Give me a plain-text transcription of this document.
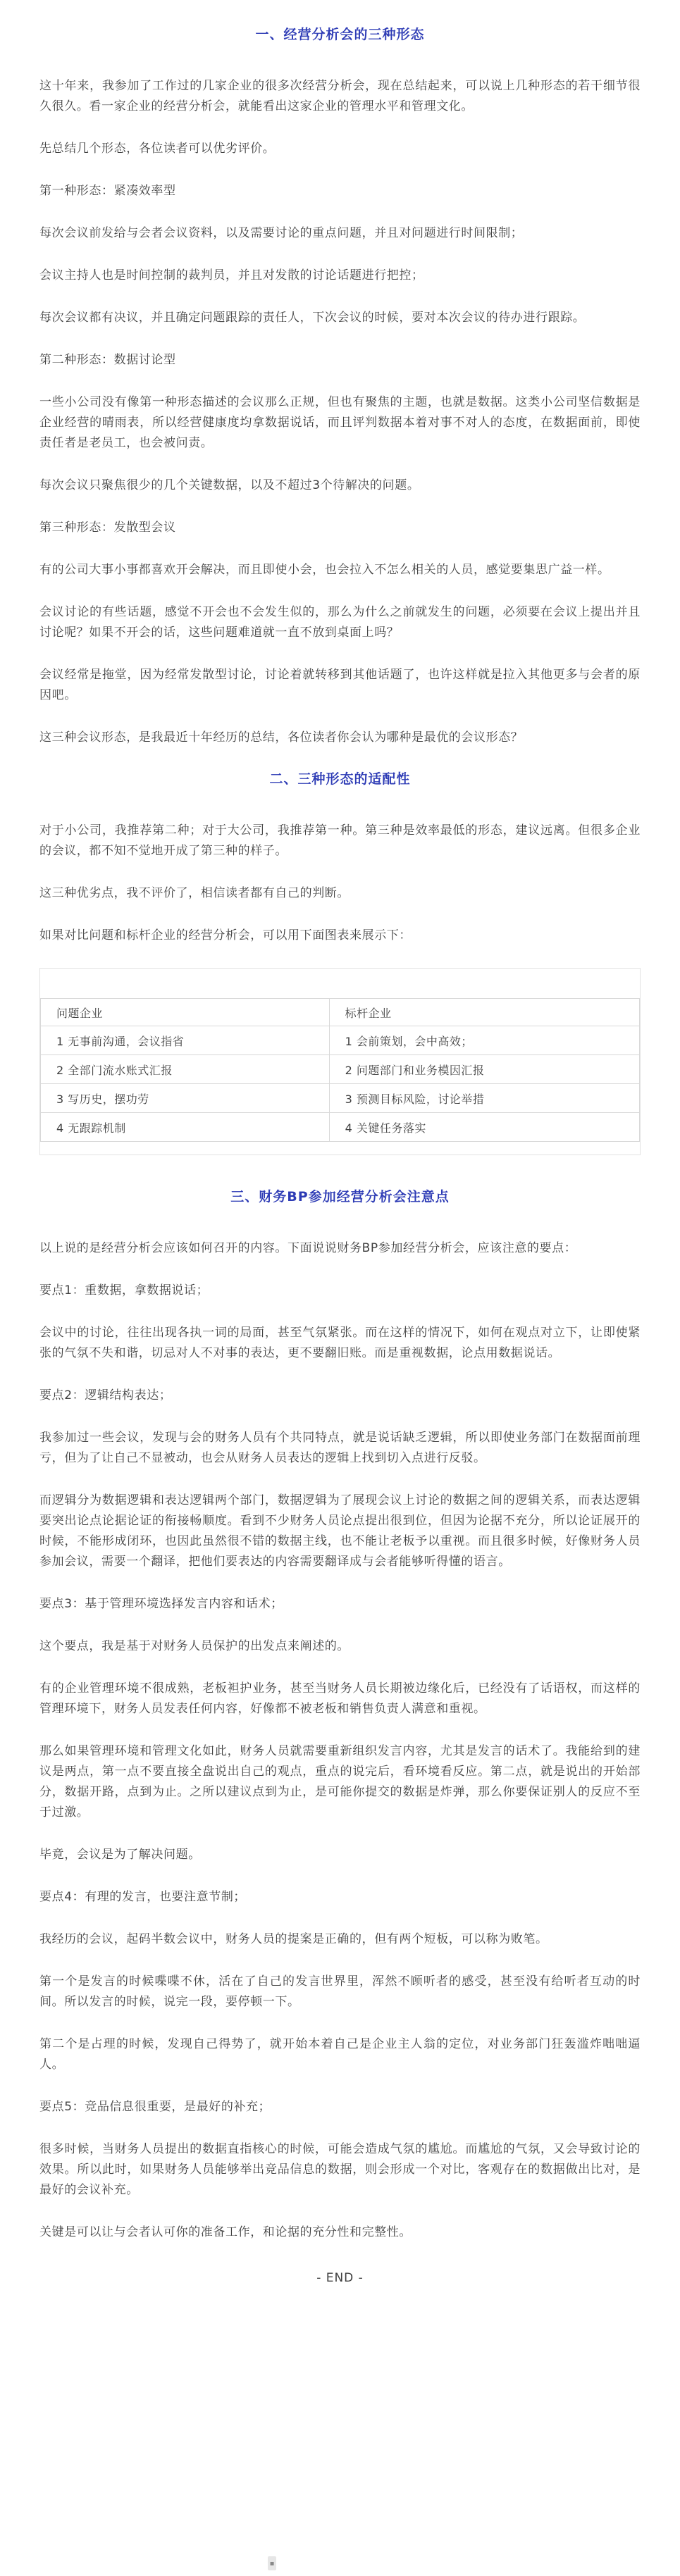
一、经营分析会的三种形态

这十年来，我参加了工作过的几家企业的很多次经营分析会，现在总结起来，可以说上几种形态的若干细节很久很久。看一家企业的经营分析会，就能看出这家企业的管理水平和管理文化。

先总结几个形态，各位读者可以优劣评价。

第一种形态：紧凑效率型

每次会议前发给与会者会议资料，以及需要讨论的重点问题，并且对问题进行时间限制；

会议主持人也是时间控制的裁判员，并且对发散的讨论话题进行把控；

每次会议都有决议，并且确定问题跟踪的责任人，下次会议的时候，要对本次会议的待办进行跟踪。

第二种形态：数据讨论型

一些小公司没有像第一种形态描述的会议那么正规，但也有聚焦的主题，也就是数据。这类小公司坚信数据是企业经营的晴雨表，所以经营健康度均拿数据说话，而且评判数据本着对事不对人的态度，在数据面前，即使责任者是老员工，也会被问责。

每次会议只聚焦很少的几个关键数据，以及不超过3个待解决的问题。

第三种形态：发散型会议

有的公司大事小事都喜欢开会解决，而且即使小会，也会拉入不怎么相关的人员，感觉要集思广益一样。

会议讨论的有些话题，感觉不开会也不会发生似的，那么为什么之前就发生的问题，必须要在会议上提出并且讨论呢？如果不开会的话，这些问题难道就一直不放到桌面上吗？

会议经常是拖堂，因为经常发散型讨论，讨论着就转移到其他话题了，也许这样就是拉入其他更多与会者的原因吧。

这三种会议形态，是我最近十年经历的总结，各位读者你会认为哪种是最优的会议形态？

二、三种形态的适配性

对于小公司，我推荐第二种；对于大公司，我推荐第一种。第三种是效率最低的形态，建议远离。但很多企业的会议，都不知不觉地开成了第三种的样子。

这三种优劣点，我不评价了，相信读者都有自己的判断。

如果对比问题和标杆企业的经营分析会，可以用下面图表来展示下：

问题企业	标杆企业
1 无事前沟通，会议指省	1 会前策划，会中高效；
2 全部门流水账式汇报	2 问题部门和业务模因汇报
3 写历史，摆功劳	3 预测目标风险，讨论举措
4 无跟踪机制	4 关键任务落实
三、财务BP参加经营分析会注意点

以上说的是经营分析会应该如何召开的内容。下面说说财务BP参加经营分析会，应该注意的要点：

要点1：重数据，拿数据说话；

会议中的讨论，往往出现各执一词的局面，甚至气氛紧张。而在这样的情况下，如何在观点对立下，让即使紧张的气氛不失和谐，切忌对人不对事的表达，更不要翻旧账。而是重视数据，论点用数据说话。

要点2：逻辑结构表达；

我参加过一些会议，发现与会的财务人员有个共同特点，就是说话缺乏逻辑，所以即使业务部门在数据面前理亏，但为了让自己不显被动，也会从财务人员表达的逻辑上找到切入点进行反驳。

而逻辑分为数据逻辑和表达逻辑两个部门，数据逻辑为了展现会议上讨论的数据之间的逻辑关系，而表达逻辑要突出论点论据论证的衔接畅顺度。看到不少财务人员论点提出很到位，但因为论据不充分，所以论证展开的时候，不能形成闭环，也因此虽然很不错的数据主线，也不能让老板予以重视。而且很多时候，好像财务人员参加会议，需要一个翻译，把他们要表达的内容需要翻译成与会者能够听得懂的语言。

要点3：基于管理环境选择发言内容和话术；

这个要点，我是基于对财务人员保护的出发点来阐述的。

有的企业管理环境不很成熟，老板袒护业务，甚至当财务人员长期被边缘化后，已经没有了话语权，而这样的管理环境下，财务人员发表任何内容，好像都不被老板和销售负责人满意和重视。

那么如果管理环境和管理文化如此，财务人员就需要重新组织发言内容，尤其是发言的话术了。我能给到的建议是两点，第一点不要直接全盘说出自己的观点，重点的说完后，看环境看反应。第二点，就是说出的开始部分，数据开路，点到为止。之所以建议点到为止，是可能你提交的数据是炸弹，那么你要保证别人的反应不至于过激。

毕竟，会议是为了解决问题。

要点4：有理的发言，也要注意节制；

我经历的会议，起码半数会议中，财务人员的提案是正确的，但有两个短板，可以称为败笔。

第一个是发言的时候喋喋不休，活在了自己的发言世界里，浑然不顾听者的感受，甚至没有给听者互动的时间。所以发言的时候，说完一段，要停顿一下。

第二个是占理的时候，发现自己得势了，就开始本着自己是企业主人翁的定位，对业务部门狂轰滥炸咄咄逼人。

要点5：竞品信息很重要，是最好的补充；

很多时候，当财务人员提出的数据直指核心的时候，可能会造成气氛的尴尬。而尴尬的气氛，又会导致讨论的效果。所以此时，如果财务人员能够举出竞品信息的数据，则会形成一个对比，客观存在的数据做出比对，是最好的会议补充。

关键是可以让与会者认可你的准备工作，和论据的充分性和完整性。

- END -
▪
